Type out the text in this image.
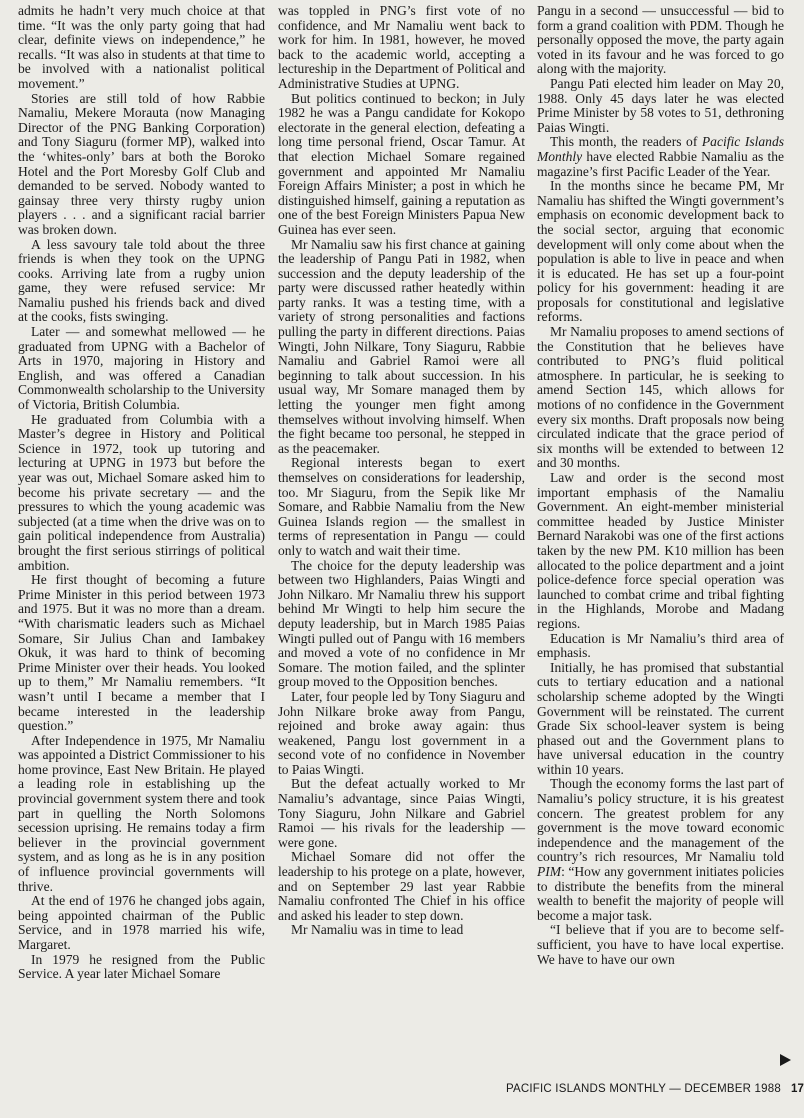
admits he hadn’t very much choice at that time. “It was the only party going that had clear, definite views on independence,” he recalls. “It was also in students at that time to be involved with a nationalist political movement.”

Stories are still told of how Rabbie Namaliu, Mekere Morauta (now Managing Director of the PNG Banking Corporation) and Tony Siaguru (former MP), walked into the ‘whites-only’ bars at both the Boroko Hotel and the Port Moresby Golf Club and demanded to be served. Nobody wanted to gainsay three very thirsty rugby union players . . . and a significant racial barrier was broken down.

A less savoury tale told about the three friends is when they took on the UPNG cooks. Arriving late from a rugby union game, they were refused service: Mr Namaliu pushed his friends back and dived at the cooks, fists swinging.

Later — and somewhat mellowed — he graduated from UPNG with a Bachelor of Arts in 1970, majoring in History and English, and was offered a Canadian Commonwealth scholarship to the University of Victoria, British Columbia.

He graduated from Columbia with a Master’s degree in History and Political Science in 1972, took up tutoring and lecturing at UPNG in 1973 but before the year was out, Michael Somare asked him to become his private secretary — and the pressures to which the young academic was subjected (at a time when the drive was on to gain political independence from Australia) brought the first serious stirrings of political ambition.

He first thought of becoming a future Prime Minister in this period between 1973 and 1975. But it was no more than a dream. “With charismatic leaders such as Michael Somare, Sir Julius Chan and Iambakey Okuk, it was hard to think of becoming Prime Minister over their heads. You looked up to them,” Mr Namaliu remembers. “It wasn’t until I became a member that I became interested in the leadership question.”

After Independence in 1975, Mr Namaliu was appointed a District Commissioner to his home province, East New Britain. He played a leading role in establishing up the provincial government system there and took part in quelling the North Solomons secession uprising. He remains today a firm believer in the provincial government system, and as long as he is in any position of influence provincial governments will thrive.

At the end of 1976 he changed jobs again, being appointed chairman of the Public Service, and in 1978 married his wife, Margaret.

In 1979 he resigned from the Public Service. A year later Michael Somare

was toppled in PNG’s first vote of no confidence, and Mr Namaliu went back to work for him. In 1981, however, he moved back to the academic world, accepting a lectureship in the Department of Political and Administrative Studies at UPNG.

But politics continued to beckon; in July 1982 he was a Pangu candidate for Kokopo electorate in the general election, defeating a long time personal friend, Oscar Tamur. At that election Michael Somare regained government and appointed Mr Namaliu Foreign Affairs Minister; a post in which he distinguished himself, gaining a reputation as one of the best Foreign Ministers Papua New Guinea has ever seen.

Mr Namaliu saw his first chance at gaining the leadership of Pangu Pati in 1982, when succession and the deputy leadership of the party were discussed rather heatedly within party ranks. It was a testing time, with a variety of strong personalities and factions pulling the party in different directions. Paias Wingti, John Nilkare, Tony Siaguru, Rabbie Namaliu and Gabriel Ramoi were all beginning to talk about succession. In his usual way, Mr Somare managed them by letting the younger men fight among themselves without involving himself. When the fight became too personal, he stepped in as the peacemaker.

Regional interests began to exert themselves on considerations for leadership, too. Mr Siaguru, from the Sepik like Mr Somare, and Rabbie Namaliu from the New Guinea Islands region — the smallest in terms of representation in Pangu — could only to watch and wait their time.

The choice for the deputy leadership was between two Highlanders, Paias Wingti and John Nilkaro. Mr Namaliu threw his support behind Mr Wingti to help him secure the deputy leadership, but in March 1985 Paias Wingti pulled out of Pangu with 16 members and moved a vote of no confidence in Mr Somare. The motion failed, and the splinter group moved to the Opposition benches.

Later, four people led by Tony Siaguru and John Nilkare broke away from Pangu, rejoined and broke away again: thus weakened, Pangu lost government in a second vote of no confidence in November to Paias Wingti.

But the defeat actually worked to Mr Namaliu’s advantage, since Paias Wingti, Tony Siaguru, John Nilkare and Gabriel Ramoi — his rivals for the leadership — were gone.

Michael Somare did not offer the leadership to his protege on a plate, however, and on September 29 last year Rabbie Namaliu confronted The Chief in his office and asked his leader to step down.

Mr Namaliu was in time to lead

Pangu in a second — unsuccessful — bid to form a grand coalition with PDM. Though he personally opposed the move, the party again voted in its favour and he was forced to go along with the majority.

Pangu Pati elected him leader on May 20, 1988. Only 45 days later he was elected Prime Minister by 58 votes to 51, dethroning Paias Wingti.

This month, the readers of Pacific Islands Monthly have elected Rabbie Namaliu as the magazine’s first Pacific Leader of the Year.

In the months since he became PM, Mr Namaliu has shifted the Wingti government’s emphasis on economic development back to the social sector, arguing that economic development will only come about when the population is able to live in peace and when it is educated. He has set up a four-point policy for his government: heading it are proposals for constitutional and legislative reforms.

Mr Namaliu proposes to amend sections of the Constitution that he believes have contributed to PNG’s fluid political atmosphere. In particular, he is seeking to amend Section 145, which allows for motions of no confidence in the Government every six months. Draft proposals now being circulated indicate that the grace period of six months will be extended to between 12 and 30 months.

Law and order is the second most important emphasis of the Namaliu Government. An eight-member ministerial committee headed by Justice Minister Bernard Narakobi was one of the first actions taken by the new PM. K10 million has been allocated to the police department and a joint police-defence force special operation was launched to combat crime and tribal fighting in the Highlands, Morobe and Madang regions.

Education is Mr Namaliu’s third area of emphasis.

Initially, he has promised that substantial cuts to tertiary education and a national scholarship scheme adopted by the Wingti Government will be reinstated. The current Grade Six school-leaver system is being phased out and the Government plans to have universal education in the country within 10 years.

Though the economy forms the last part of Namaliu’s policy structure, it is his greatest concern. The greatest problem for any government is the move toward economic independence and the management of the country’s rich resources, Mr Namaliu told PIM: “How any government initiates policies to distribute the benefits from the mineral wealth to benefit the majority of people will become a major task.

“I believe that if you are to become self-sufficient, you have to have local expertise. We have to have our own

PACIFIC ISLANDS MONTHLY — DECEMBER 1988 17
